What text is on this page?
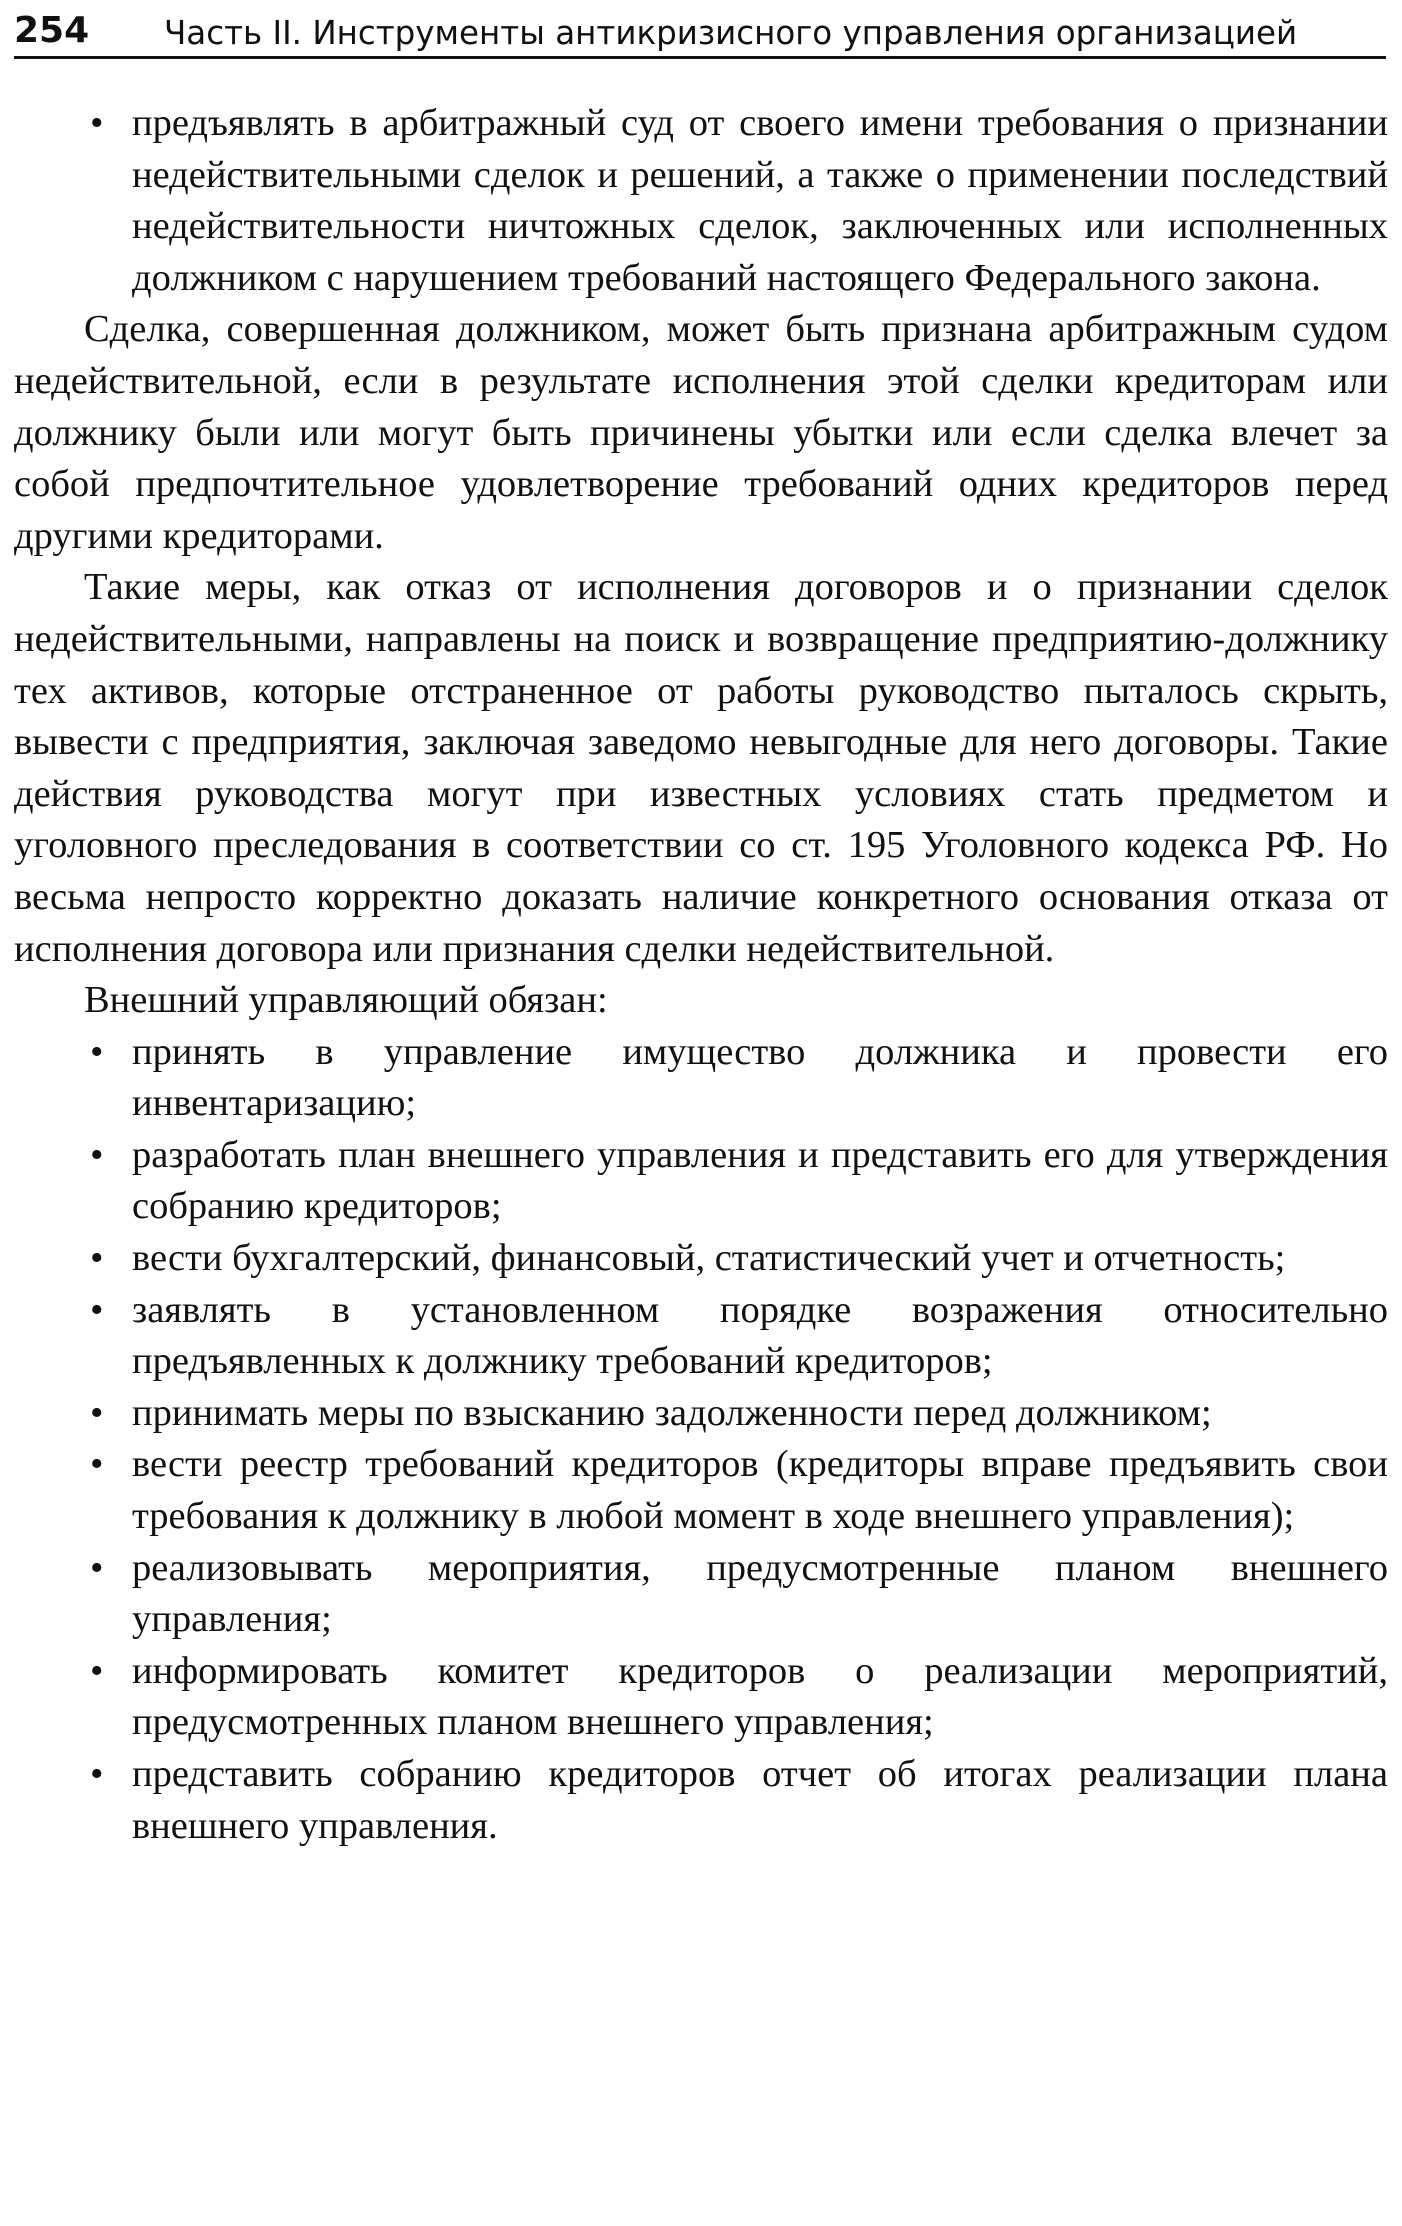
254 Часть II. Инструменты антикризисного управления организацией
• предъявлять в арбитражный суд от своего имени требования о признании недействительными сделок и решений, а также о применении последствий недействительности ничтожных сделок, заключенных или исполненных должником с нарушением требований настоящего Федерального закона.

Сделка, совершенная должником, может быть признана арбитражным судом недействительной, если в результате исполнения этой сделки кредиторам или должнику были или могут быть причинены убытки или если сделка влечет за собой предпочтительное удовлетворение требований одних кредиторов перед другими кредиторами.

Такие меры, как отказ от исполнения договоров и о признании сделок недействительными, направлены на поиск и возвращение предприятию-должнику тех активов, которые отстраненное от работы руководство пыталось скрыть, вывести с предприятия, заключая заведомо невыгодные для него договоры. Такие действия руководства могут при известных условиях стать предметом и уголовного преследования в соответствии со ст. 195 Уголовного кодекса РФ. Но весьма непросто корректно доказать наличие конкретного основания отказа от исполнения договора или признания сделки недействительной.

Внешний управляющий обязан:

• принять в управление имущество должника и провести его инвентаризацию;
• разработать план внешнего управления и представить его для утверждения собранию кредиторов;
• вести бухгалтерский, финансовый, статистический учет и отчетность;
• заявлять в установленном порядке возражения относительно предъявленных к должнику требований кредиторов;
• принимать меры по взысканию задолженности перед должником;
• вести реестр требований кредиторов (кредиторы вправе предъявить свои требования к должнику в любой момент в ходе внешнего управления);
• реализовывать мероприятия, предусмотренные планом внешнего управления;
• информировать комитет кредиторов о реализации мероприятий, предусмотренных планом внешнего управления;
• представить собранию кредиторов отчет об итогах реализации плана внешнего управления.
